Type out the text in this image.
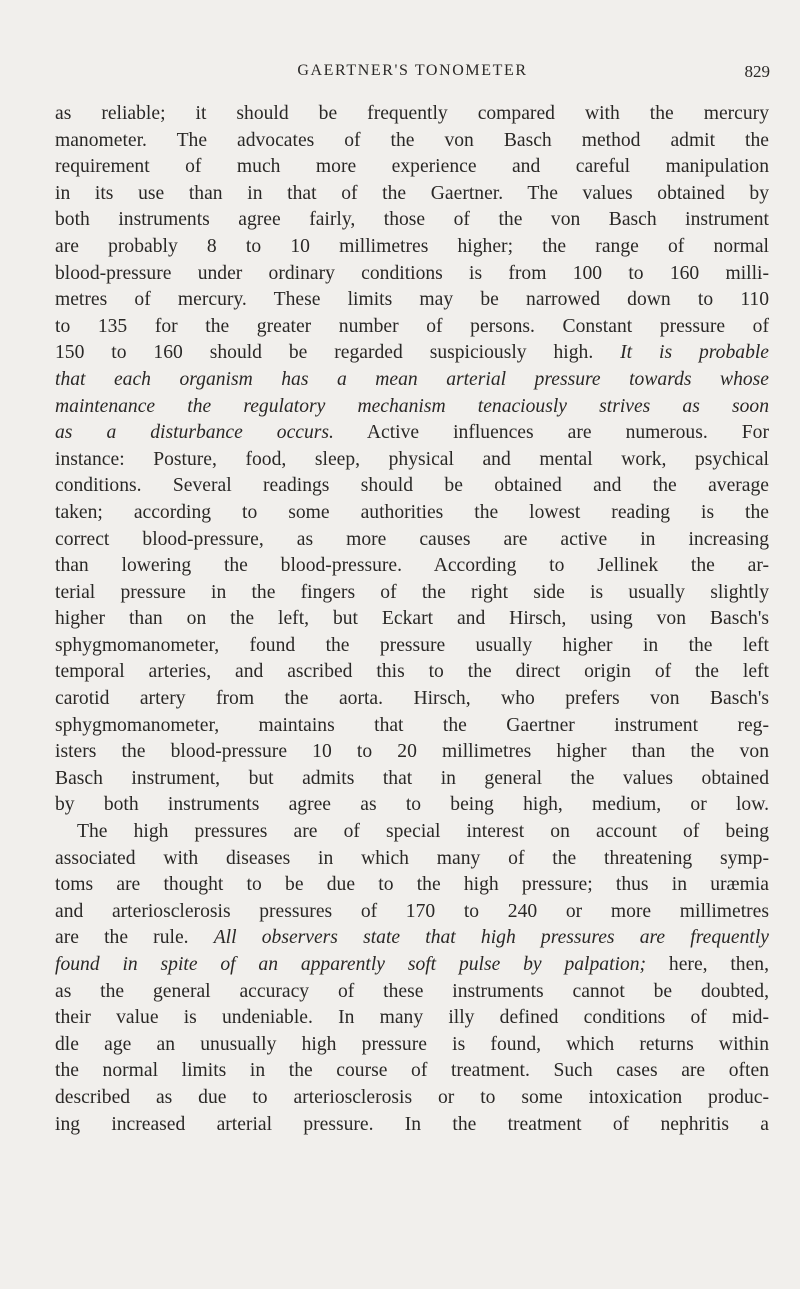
GAERTNER'S TONOMETER	829
as reliable; it should be frequently compared with the mercury
manometer. The advocates of the von Basch method admit the
requirement of much more experience and careful manipulation
in its use than in that of the Gaertner. The values obtained by
both instruments agree fairly, those of the von Basch instrument
are probably 8 to 10 millimetres higher; the range of normal
blood-pressure under ordinary conditions is from 100 to 160 milli-
metres of mercury. These limits may be narrowed down to 110
to 135 for the greater number of persons. Constant pressure of
150 to 160 should be regarded suspiciously high. It is probable
that each organism has a mean arterial pressure towards whose
maintenance the regulatory mechanism tenaciously strives as soon
as a disturbance occurs. Active influences are numerous. For
instance: Posture, food, sleep, physical and mental work, psychical
conditions. Several readings should be obtained and the average
taken; according to some authorities the lowest reading is the
correct blood-pressure, as more causes are active in increasing
than lowering the blood-pressure. According to Jellinek the ar-
terial pressure in the fingers of the right side is usually slightly
higher than on the left, but Eckart and Hirsch, using von Basch's
sphygmomanometer, found the pressure usually higher in the left
temporal arteries, and ascribed this to the direct origin of the left
carotid artery from the aorta. Hirsch, who prefers von Basch's
sphygmomanometer, maintains that the Gaertner instrument reg-
isters the blood-pressure 10 to 20 millimetres higher than the von
Basch instrument, but admits that in general the values obtained
by both instruments agree as to being high, medium, or low.
The high pressures are of special interest on account of being
associated with diseases in which many of the threatening symp-
toms are thought to be due to the high pressure; thus in uræmia
and arteriosclerosis pressures of 170 to 240 or more millimetres
are the rule. All observers state that high pressures are frequently
found in spite of an apparently soft pulse by palpation; here, then,
as the general accuracy of these instruments cannot be doubted,
their value is undeniable. In many illy defined conditions of mid-
dle age an unusually high pressure is found, which returns within
the normal limits in the course of treatment. Such cases are often
described as due to arteriosclerosis or to some intoxication produc-
ing increased arterial pressure. In the treatment of nephritis a
